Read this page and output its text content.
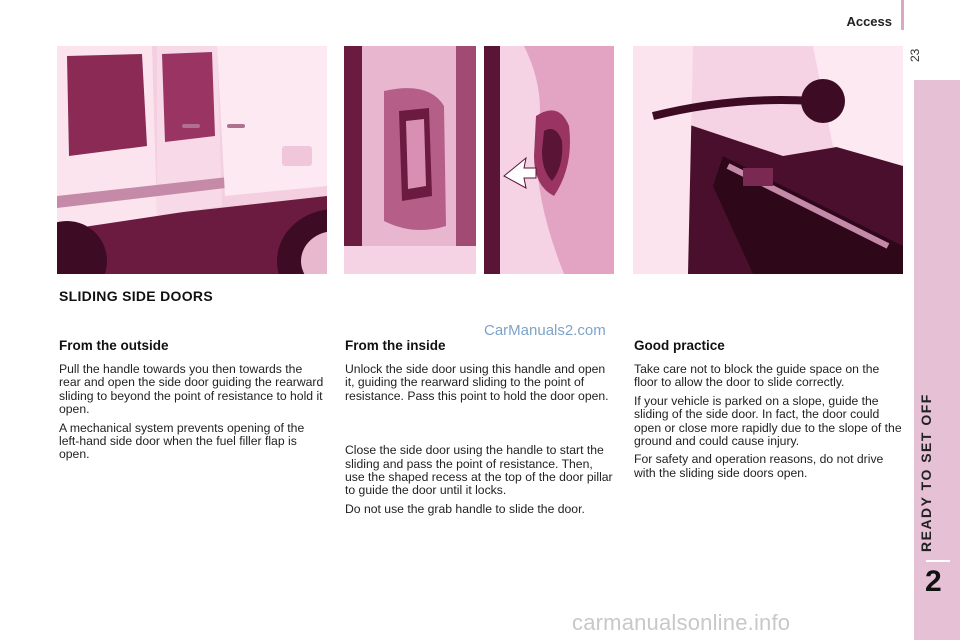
Access
23
READY TO SET OFF
2
SLIDING SIDE DOORS
CarManuals2.com
From the outside

Pull the handle towards you then towards the rear and open the side door guiding the rearward sliding to beyond the point of resistance to hold it open.

A mechanical system prevents opening of the left-hand side door when the fuel filler flap is open.

From the inside

Unlock the side door using this handle and open it, guiding the rearward sliding to the point of resistance. Pass this point to hold the door open.

Close the side door using the handle to start the sliding and pass the point of resistance. Then, use the shaped recess at the top of the door pillar to guide the door until it locks.

Do not use the grab handle to slide the door.

Good practice

Take care not to block the guide space on the floor to allow the door to slide correctly.

If your vehicle is parked on a slope, guide the sliding of the side door. In fact, the door could open or close more rapidly due to the slope of the ground and could cause injury.

For safety and operation reasons, do not drive with the sliding side doors open.

carmanualsonline.info
